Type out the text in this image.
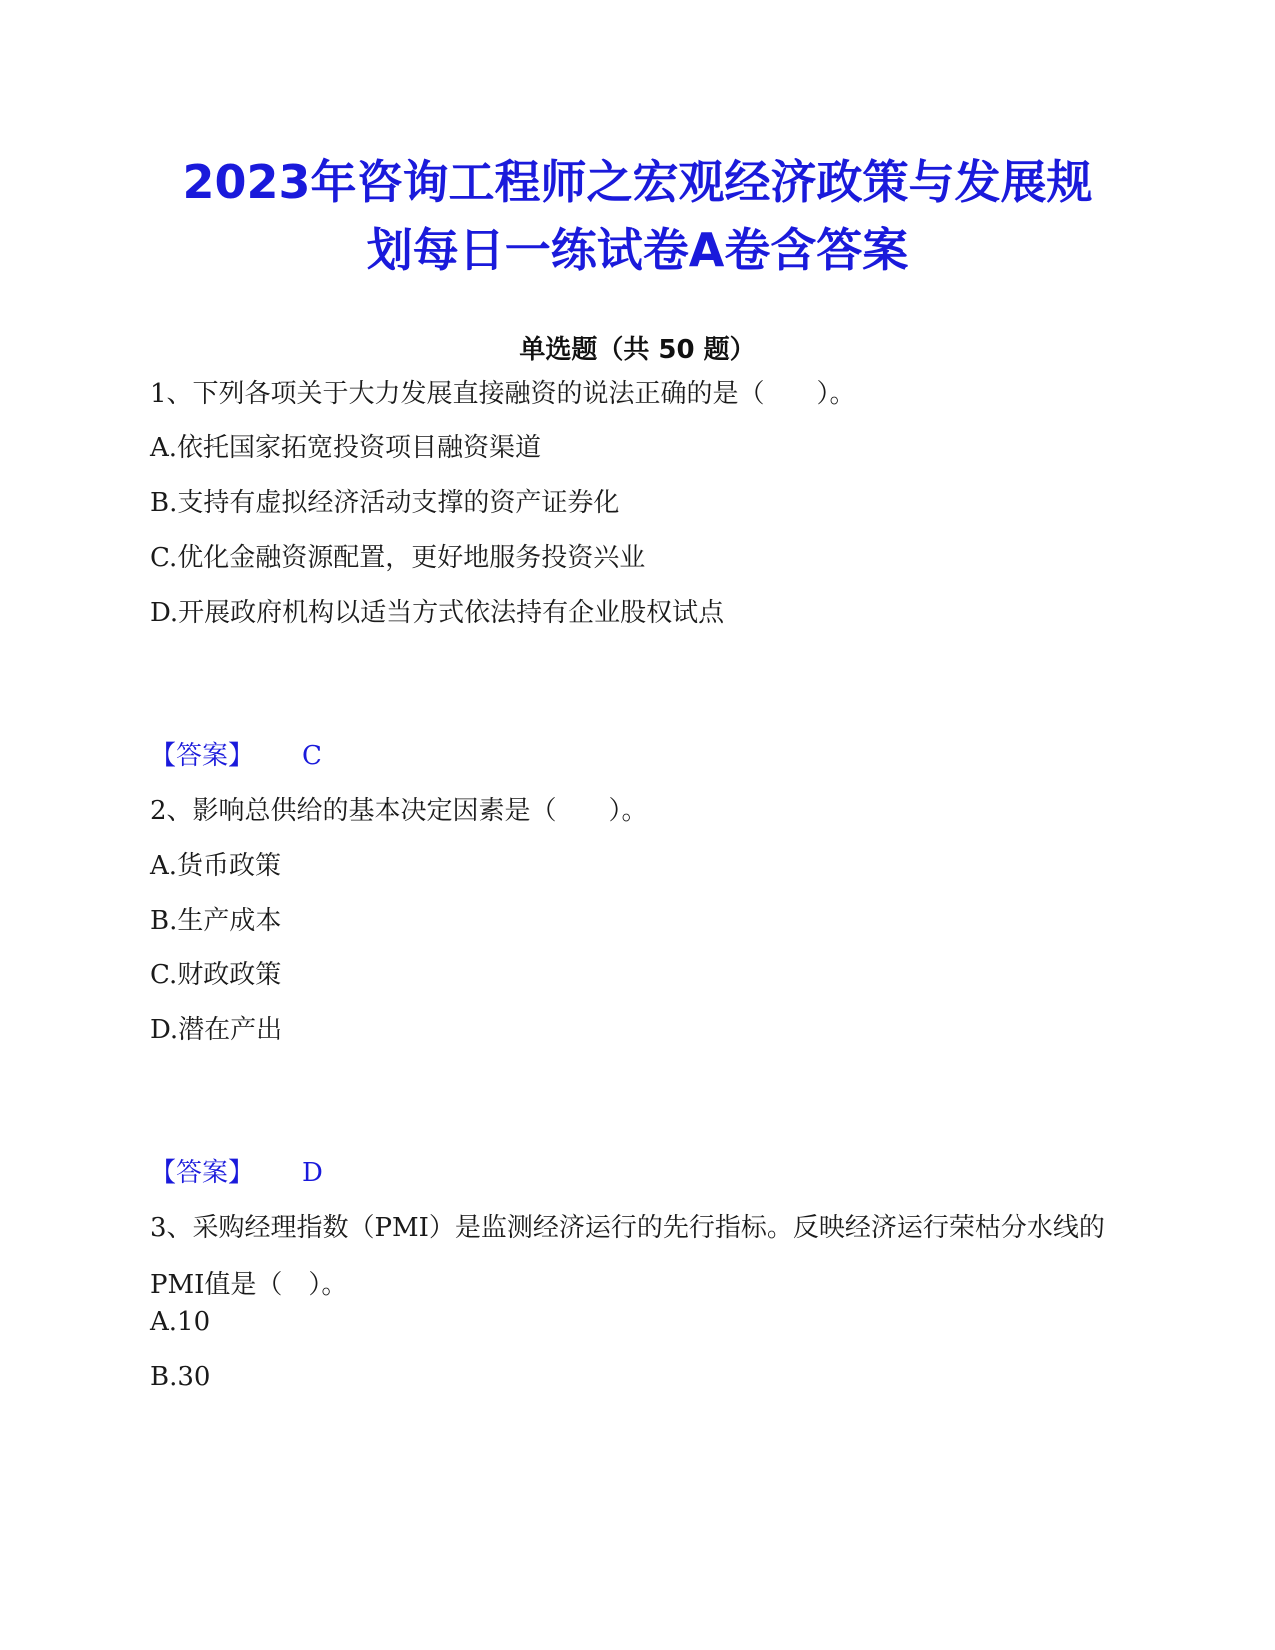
2023年咨询工程师之宏观经济政策与发展规
划每日一练试卷A卷含答案
单选题（共 50 题）
1、下列各项关于大力发展直接融资的说法正确的是（　　）。
A.依托国家拓宽投资项目融资渠道
B.支持有虚拟经济活动支撑的资产证券化
C.优化金融资源配置，更好地服务投资兴业
D.开展政府机构以适当方式依法持有企业股权试点
【答案】 C
2、影响总供给的基本决定因素是（　　）。
A.货币政策
B.生产成本
C.财政政策
D.潜在产出
【答案】 D
3、采购经理指数（PMI）是监测经济运行的先行指标。反映经济运行荣枯分水线的PMI值是（　）。
A.10
B.30
